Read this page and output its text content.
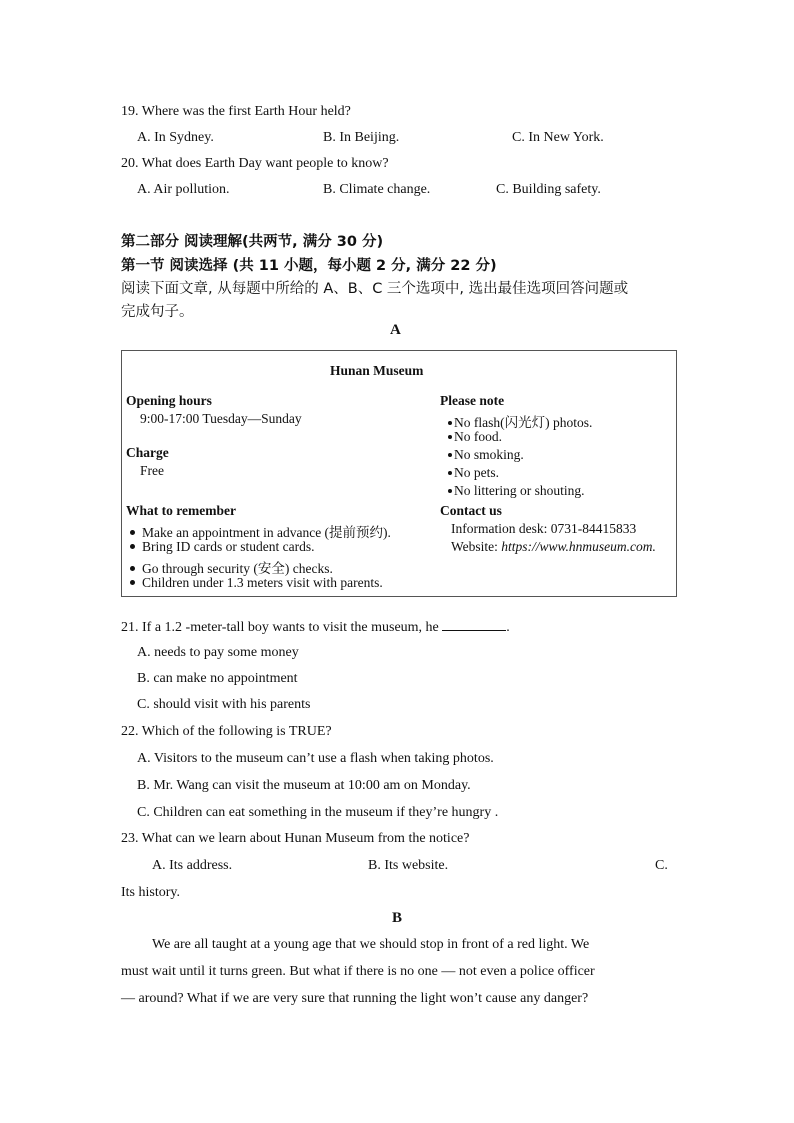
19. Where was the first Earth Hour held?
A. In Sydney.	B. In Beijing.	C. In New York.
20. What does Earth Day want people to know?
A. Air pollution.	B. Climate change.	C. Building safety.
第二部分 阅读理解(共两节, 满分 30 分)
第一节 阅读选择 (共 11 小题，每小题 2 分, 满分 22 分)
阅读下面文章, 从每题中所给的 A、B、C 三个选项中, 选出最佳选项回答问题或
完成句子。
A
Hunan Museum
Opening hours
9:00-17:00 Tuesday—Sunday
Charge
Free
What to remember
Make an appointment in advance (提前预约).
Bring ID cards or student cards.
Go through security (安全) checks.
Children under 1.3 meters visit with parents.
Please note
No flash(闪光灯) photos.
No food.
No smoking.
No pets.
No littering or shouting.
Contact us
Information desk: 0731-84415833
Website: https://www.hnmuseum.com.
21. If a 1.2 -meter-tall boy wants to visit the museum, he	.
A. needs to pay some money
B. can make no appointment
C. should visit with his parents
22. Which of the following is TRUE?
A. Visitors to the museum can’t use a flash when taking photos.
B. Mr. Wang can visit the museum at 10:00 am on Monday.
C. Children can eat something in the museum if they’re hungry .
23. What can we learn about Hunan Museum from the notice?
A. Its address.	B. Its website.	C.
Its history.
B
We are all taught at a young age that we should stop in front of a red light. We
must wait until it turns green. But what if there is no one — not even a police officer
— around? What if we are very sure that running the light won’t cause any danger?
